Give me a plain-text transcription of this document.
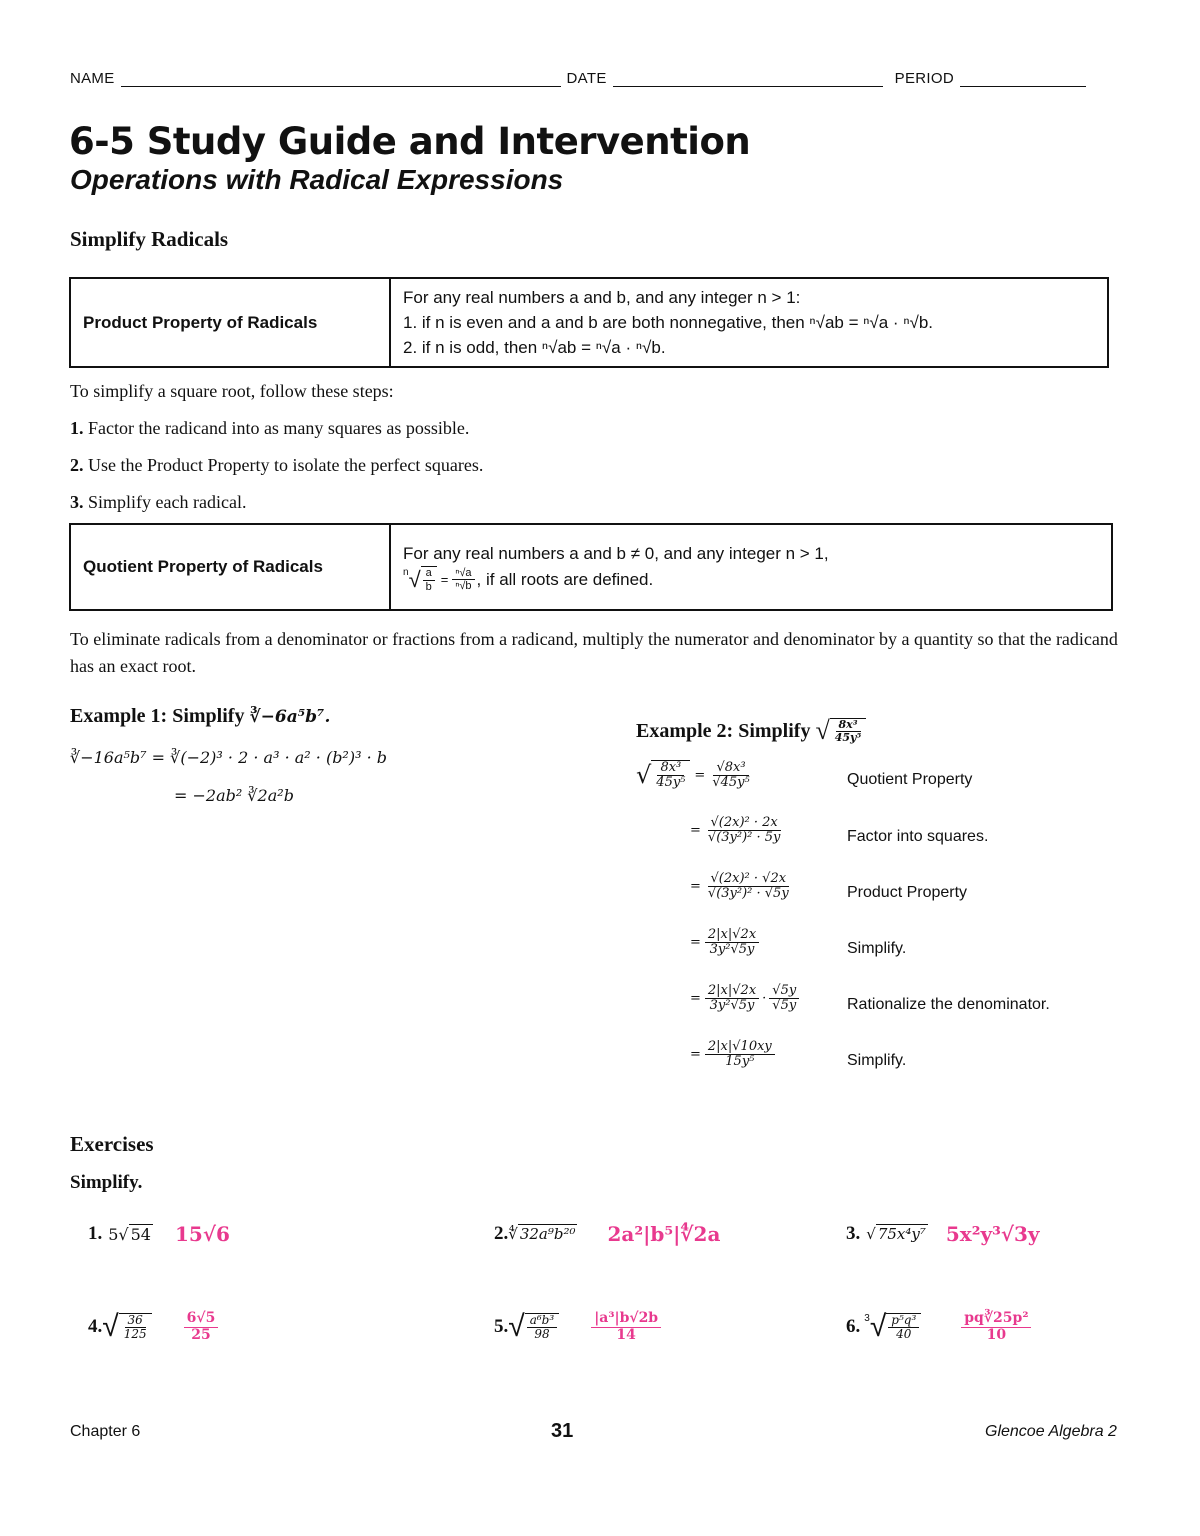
NAME	DATE	PERIOD
6-5 Study Guide and Intervention
Operations with Radical Expressions
Simplify Radicals
Product Property of Radicals	
For any real numbers a and b, and any integer n > 1:
1. if n is even and a and b are both nonnegative, then ⁿ√ab = ⁿ√a · ⁿ√b.
2. if n is odd, then ⁿ√ab = ⁿ√a · ⁿ√b.
To simplify a square root, follow these steps:
1. Factor the radicand into as many squares as possible.
2. Use the Product Property to isolate the perfect squares.
3. Simplify each radical.
Quotient Property of Radicals	
For any real numbers a and b ≠ 0, and any integer n > 1,
n √ $\frac{a}{b} = \frac{\text{ⁿ√a}}{\text{ⁿ√b}}$ , if all roots are defined.
To eliminate radicals from a denominator or fractions from a radicand, multiply the numerator and denominator by a quantity so that the radicand has an exact root.
Example 1: Simplify ∛−6a⁵b⁷.
∛−16a⁵b⁷ = ∛(−2)³ · 2 · a³ · a² · (b²)³ · b
= −2ab² ∛2a²b
Example 2:
Simplify
√ $\frac{\text{8x³}}{\text{45y⁵}}$
√ $\frac{\text{8x³}}{\text{45y⁵}} = \frac{\text{√8x³}}{\text{√45y⁵}}$	Quotient Property
= $\frac{\text{√(2x)² · 2x}}{\text{√(3y²)² · 5y}}$	Factor into squares.
= $\frac{\text{√(2x)² · √2x}}{\text{√(3y²)² · √5y}}$	Product Property
= $\frac{2|x|√2x}{\text{3y²√5y}}$	Simplify.
= $\frac{2|x|√2x}{\text{3y²√5y}} \cdot \frac{√5y}{√5y}$	Rationalize the denominator.
= $\frac{2|x|√10xy}{\text{15y⁵}}$	Simplify.
Exercises
Simplify.
1. 5√ 54 15√6	2. ∜ 32a⁹b²⁰ 2a²|b⁵|∜2a	3. √ 75x⁴y⁷ 5x²y³√3y
4. √ $\frac{36}{125} \frac{6√5}{25}$	5. √ $\frac{\text{a⁶b³}}{98} \frac{\text{|a³|b√2b}}{14}$	6. 3 √ $\frac{\text{p⁵q³}}{40}$	$\frac{\text{pq∛25p²}}{10}$
Chapter 6	31	Glencoe Algebra 2
